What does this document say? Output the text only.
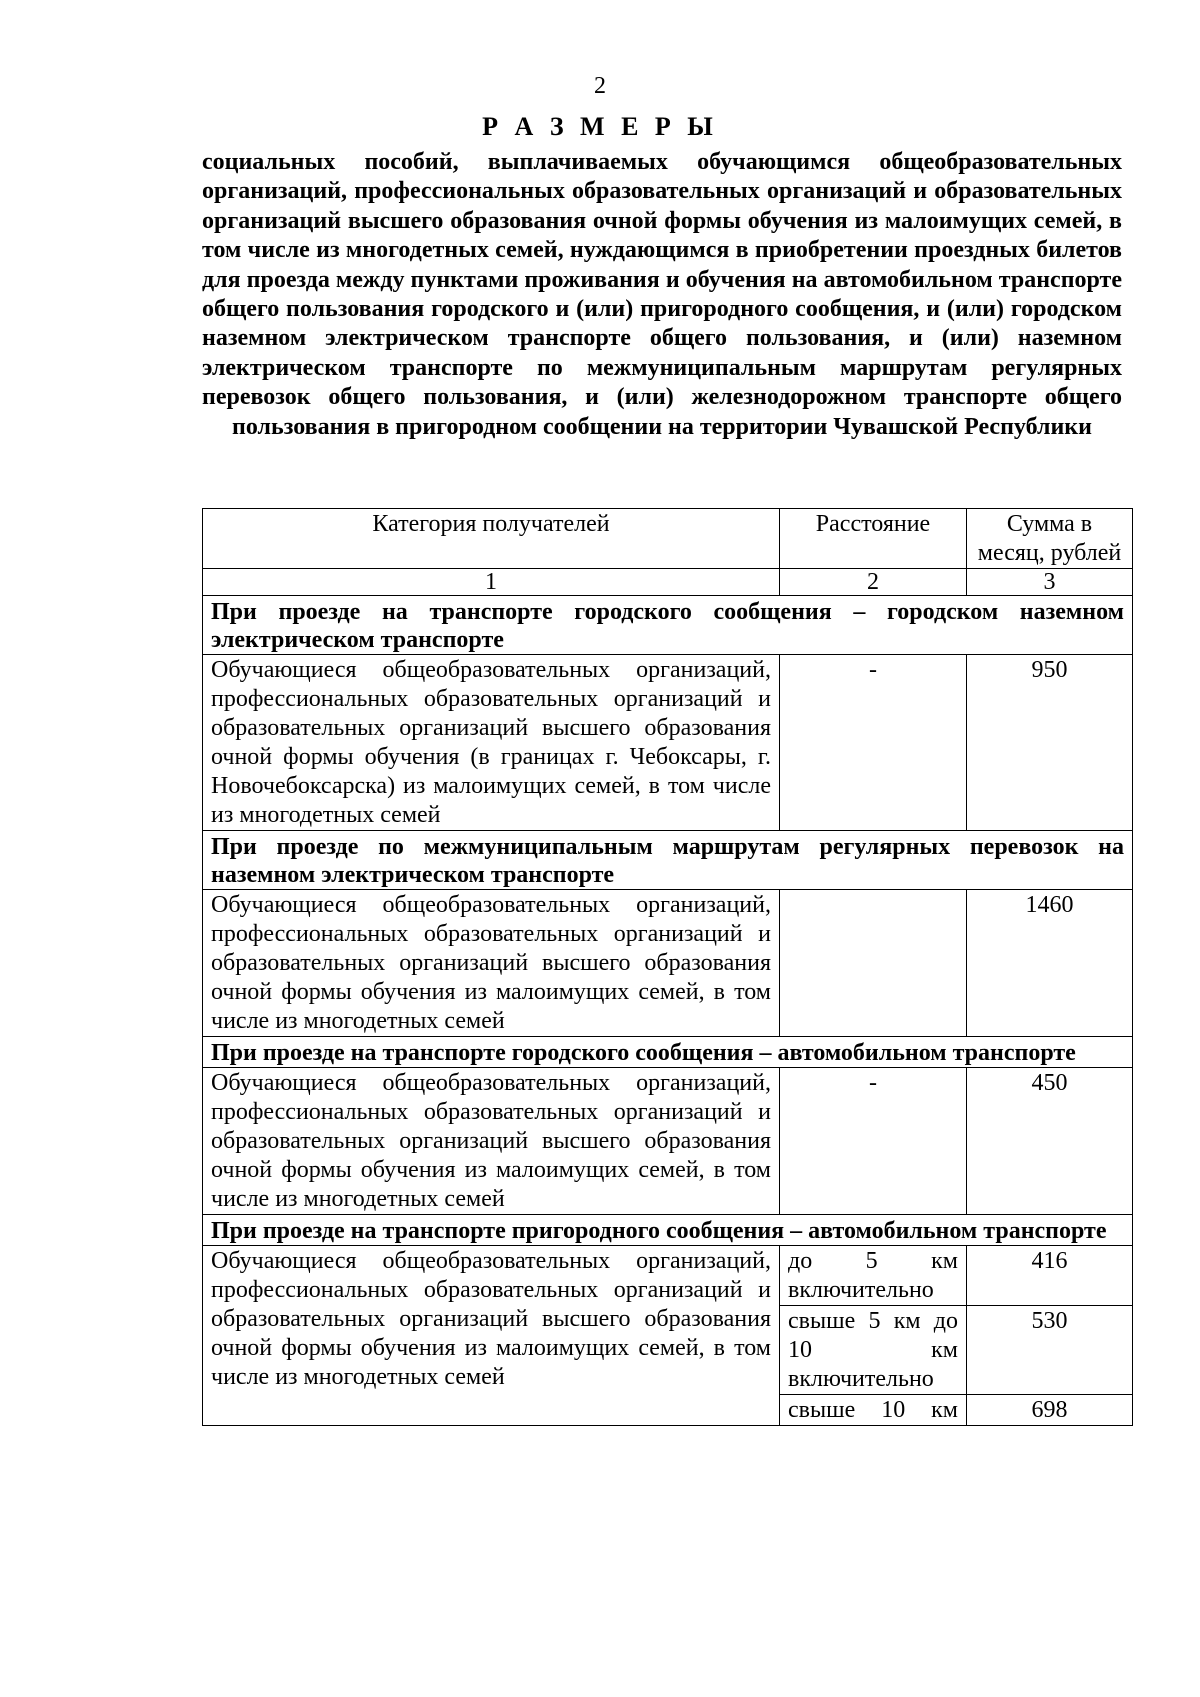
2
Р А З М Е Р Ы
социальных пособий, выплачиваемых обучающимся общеобразовательных организаций, профессиональных образовательных организаций и образовательных организаций высшего образования очной формы обучения из малоимущих семей, в том числе из многодетных семей, нуждающимся в приобретении проездных билетов для проезда между пунктами проживания и обучения на автомобильном транспорте общего пользования городского и (или) пригородного сообщения, и (или) городском наземном электрическом транспорте общего пользования, и (или) наземном электрическом транспорте по межмуниципальным маршрутам регулярных перевозок общего пользования, и (или) железнодорожном транспорте общего пользования в пригородном сообщении на территории Чувашской Республики
Категория получателей	Расстояние	Сумма в месяц, рублей
1	2	3
При проезде на транспорте городского сообщения – городском наземном электрическом транспорте		
Обучающиеся общеобразовательных организаций, профессиональных образовательных организаций и образовательных организаций высшего образования очной формы обучения (в границах г. Чебоксары, г. Новочебоксарска) из малоимущих семей, в том числе из многодетных семей	-	950
При проезде по межмуниципальным маршрутам регулярных перевозок на наземном электрическом транспорте		
Обучающиеся общеобразовательных организаций, профессиональных образовательных организаций и образовательных организаций высшего образования очной формы обучения из малоимущих семей, в том числе из многодетных семей		1460
При проезде на транспорте городского сообщения – автомобильном транспорте		
Обучающиеся общеобразовательных организаций, профессиональных образовательных организаций и образовательных организаций высшего образования очной формы обучения из малоимущих семей, в том числе из многодетных семей	-	450
При проезде на транспорте пригородного сообщения – автомобильном транспорте		
Обучающиеся общеобразовательных организаций, профессиональных образовательных организаций и образовательных организаций высшего образования очной формы обучения из малоимущих семей, в том числе из многодетных семей	до 5 км включительно	416
	свыше 5 км до 10 км включительно	530
	свыше 10 км	698
